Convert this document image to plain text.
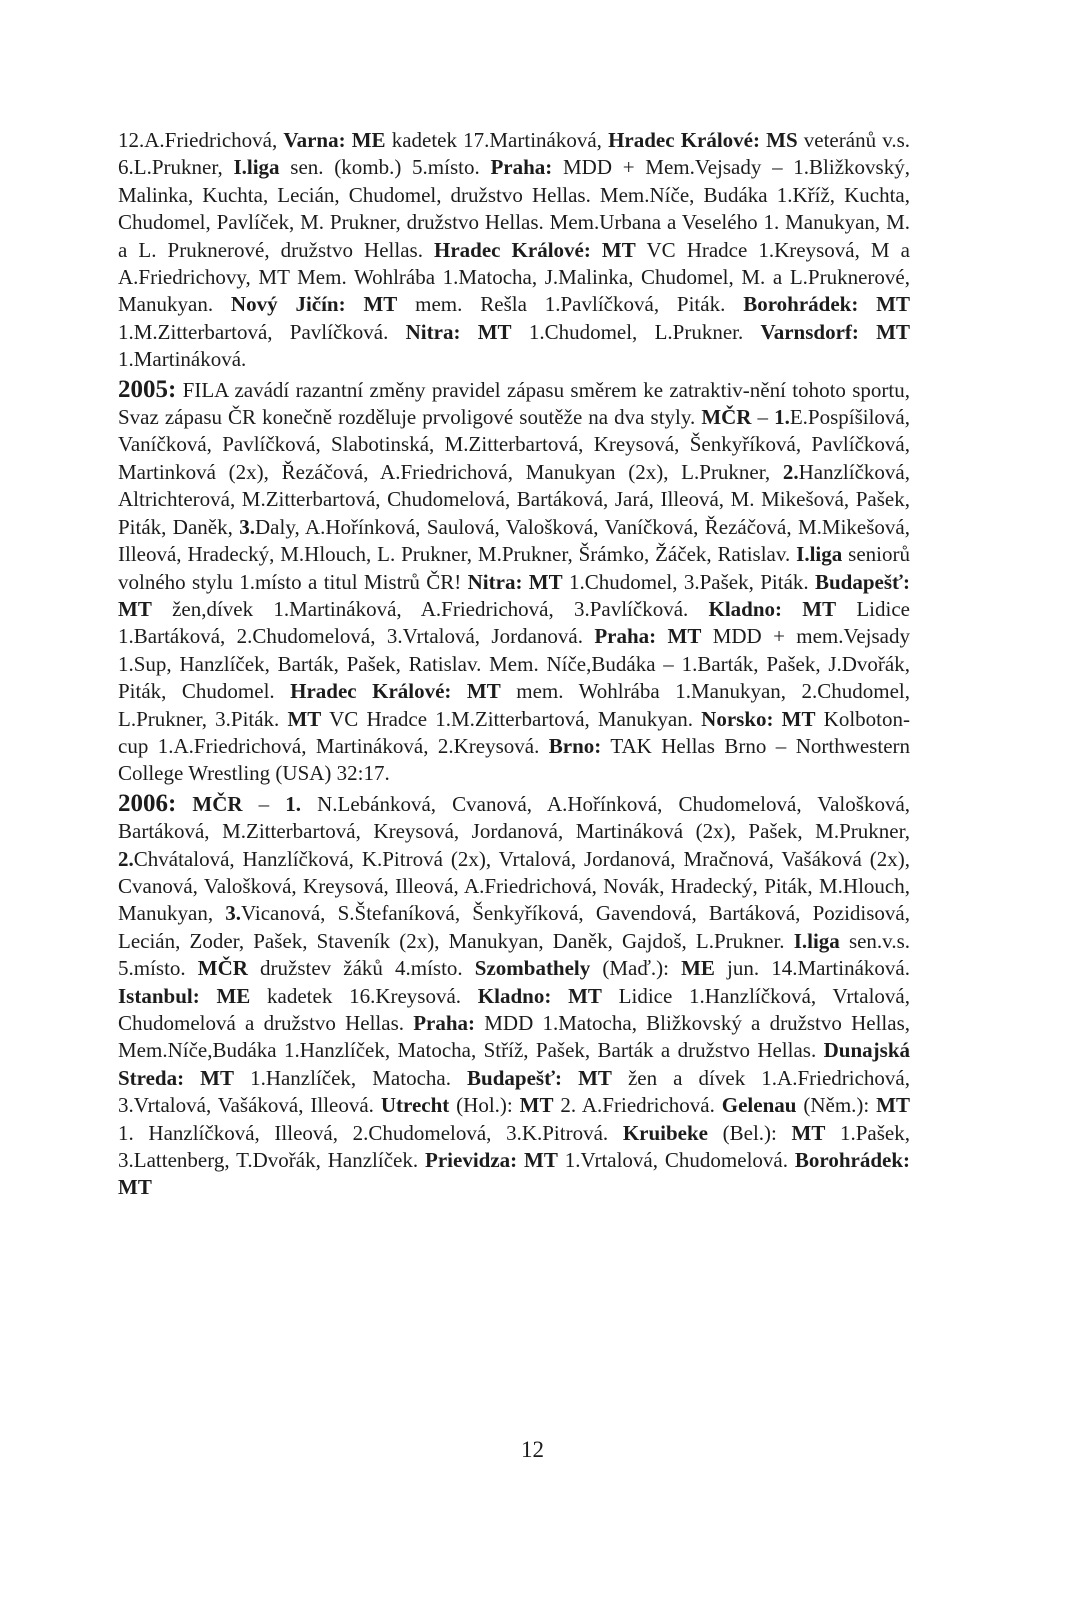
12.A.Friedrichová, Varna: ME kadetek 17.Martináková, Hradec Králové: MS veteránů v.s. 6.L.Prukner, I.liga sen. (komb.) 5.místo. Praha: MDD + Mem.Vejsady – 1.Bližkovský, Malinka, Kuchta, Lecián, Chudomel, družstvo Hellas. Mem.Níče, Budáka 1.Kříž, Kuchta, Chudomel, Pavlíček, M. Prukner, družstvo Hellas. Mem.Urbana a Veselého 1. Manukyan, M. a L. Pruknerové, družstvo Hellas. Hradec Králové: MT VC Hradce 1.Kreysová, M a A.Friedrichovy, MT Mem. Wohlrába 1.Matocha, J.Malinka, Chudomel, M. a L.Pruknerové, Manukyan. Nový Jičín: MT mem. Rešla 1.Pavlíčková, Piták. Borohrádek: MT 1.M.Zitterbartová, Pavlíčková. Nitra: MT 1.Chudomel, L.Prukner. Varnsdorf: MT 1.Martináková.

2005: FILA zavádí razantní změny pravidel zápasu směrem ke zatraktiv-nění tohoto sportu, Svaz zápasu ČR konečně rozděluje prvoligové soutěže na dva styly. MČR – 1.E.Pospíšilová, Vaníčková, Pavlíčková, Slabotinská, M.Zitterbartová, Kreysová, Šenkyříková, Pavlíčková, Martinková (2x), Řezáčová, A.Friedrichová, Manukyan (2x), L.Prukner, 2.Hanzlíčková, Altrichterová, M.Zitterbartová, Chudomelová, Bartáková, Jará, Illeová, M. Mikešová, Pašek, Piták, Daněk, 3.Daly, A.Hořínková, Saulová, Valošková, Vaníčková, Řezáčová, M.Mikešová, Illeová, Hradecký, M.Hlouch, L. Prukner, M.Prukner, Šrámko, Žáček, Ratislav. I.liga seniorů volného stylu 1.místo a titul Mistrů ČR! Nitra: MT 1.Chudomel, 3.Pašek, Piták. Budapešť: MT žen,dívek 1.Martináková, A.Friedrichová, 3.Pavlíčková. Kladno: MT Lidice 1.Bartáková, 2.Chudomelová, 3.Vrtalová, Jordanová. Praha: MT MDD + mem.Vejsady 1.Sup, Hanzlíček, Barták, Pašek, Ratislav. Mem. Níče,Budáka – 1.Barták, Pašek, J.Dvořák, Piták, Chudomel. Hradec Králové: MT mem. Wohlrába 1.Manukyan, 2.Chudomel, L.Prukner, 3.Piták. MT VC Hradce 1.M.Zitterbartová, Manukyan. Norsko: MT Kolboton-cup 1.A.Friedrichová, Martináková, 2.Kreysová. Brno: TAK Hellas Brno – Northwestern College Wrestling (USA) 32:17.

2006: MČR – 1. N.Lebánková, Cvanová, A.Hořínková, Chudomelová, Valošková, Bartáková, M.Zitterbartová, Kreysová, Jordanová, Martináková (2x), Pašek, M.Prukner, 2.Chvátalová, Hanzlíčková, K.Pitrová (2x), Vrtalová, Jordanová, Mračnová, Vašáková (2x), Cvanová, Valošková, Kreysová, Illeová, A.Friedrichová, Novák, Hradecký, Piták, M.Hlouch, Manukyan, 3.Vicanová, S.Štefaníková, Šenkyříková, Gavendová, Bartáková, Pozidisová, Lecián, Zoder, Pašek, Staveník (2x), Manukyan, Daněk, Gajdoš, L.Prukner. I.liga sen.v.s. 5.místo. MČR družstev žáků 4.místo. Szombathely (Maď.): ME jun. 14.Martináková. Istanbul: ME kadetek 16.Kreysová. Kladno: MT Lidice 1.Hanzlíčková, Vrtalová, Chudomelová a družstvo Hellas. Praha: MDD 1.Matocha, Bližkovský a družstvo Hellas, Mem.Níče,Budáka 1.Hanzlíček, Matocha, Stříž, Pašek, Barták a družstvo Hellas. Dunajská Streda: MT 1.Hanzlíček, Matocha. Budapešť: MT žen a dívek 1.A.Friedrichová, 3.Vrtalová, Vašáková, Illeová. Utrecht (Hol.): MT 2. A.Friedrichová. Gelenau (Něm.): MT 1. Hanzlíčková, Illeová, 2.Chudomelová, 3.K.Pitrová. Kruibeke (Bel.): MT 1.Pašek, 3.Lattenberg, T.Dvořák, Hanzlíček. Prievidza: MT 1.Vrtalová, Chudomelová. Borohrádek: MT

12
